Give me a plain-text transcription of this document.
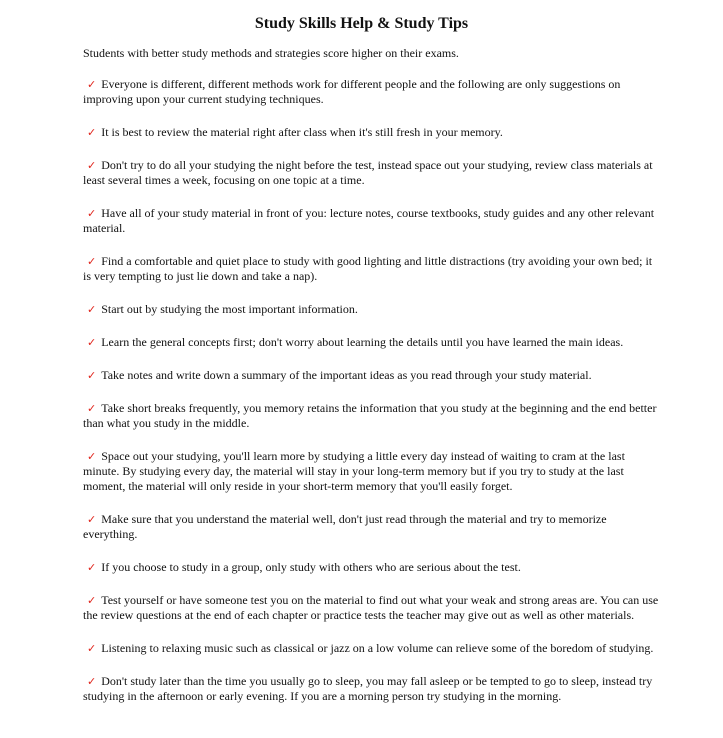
Study Skills Help & Study Tips

Students with better study methods and strategies score higher on their exams.

✓ Everyone is different, different methods work for different people and the following are only suggestions on improving upon your current studying techniques.
✓ It is best to review the material right after class when it's still fresh in your memory.
✓ Don't try to do all your studying the night before the test, instead space out your studying, review class materials at least several times a week, focusing on one topic at a time.
✓ Have all of your study material in front of you: lecture notes, course textbooks, study guides and any other relevant material.
✓ Find a comfortable and quiet place to study with good lighting and little distractions (try avoiding your own bed; it is very tempting to just lie down and take a nap).
✓ Start out by studying the most important information.
✓ Learn the general concepts first; don't worry about learning the details until you have learned the main ideas.
✓ Take notes and write down a summary of the important ideas as you read through your study material.
✓ Take short breaks frequently, you memory retains the information that you study at the beginning and the end better than what you study in the middle.
✓ Space out your studying, you'll learn more by studying a little every day instead of waiting to cram at the last minute. By studying every day, the material will stay in your long-term memory but if you try to study at the last moment, the material will only reside in your short-term memory that you'll easily forget.
✓ Make sure that you understand the material well, don't just read through the material and try to memorize everything.
✓ If you choose to study in a group, only study with others who are serious about the test.
✓ Test yourself or have someone test you on the material to find out what your weak and strong areas are. You can use the review questions at the end of each chapter or practice tests the teacher may give out as well as other materials.
✓ Listening to relaxing music such as classical or jazz on a low volume can relieve some of the boredom of studying.
✓ Don't study later than the time you usually go to sleep, you may fall asleep or be tempted to go to sleep, instead try studying in the afternoon or early evening. If you are a morning person try studying in the morning.
